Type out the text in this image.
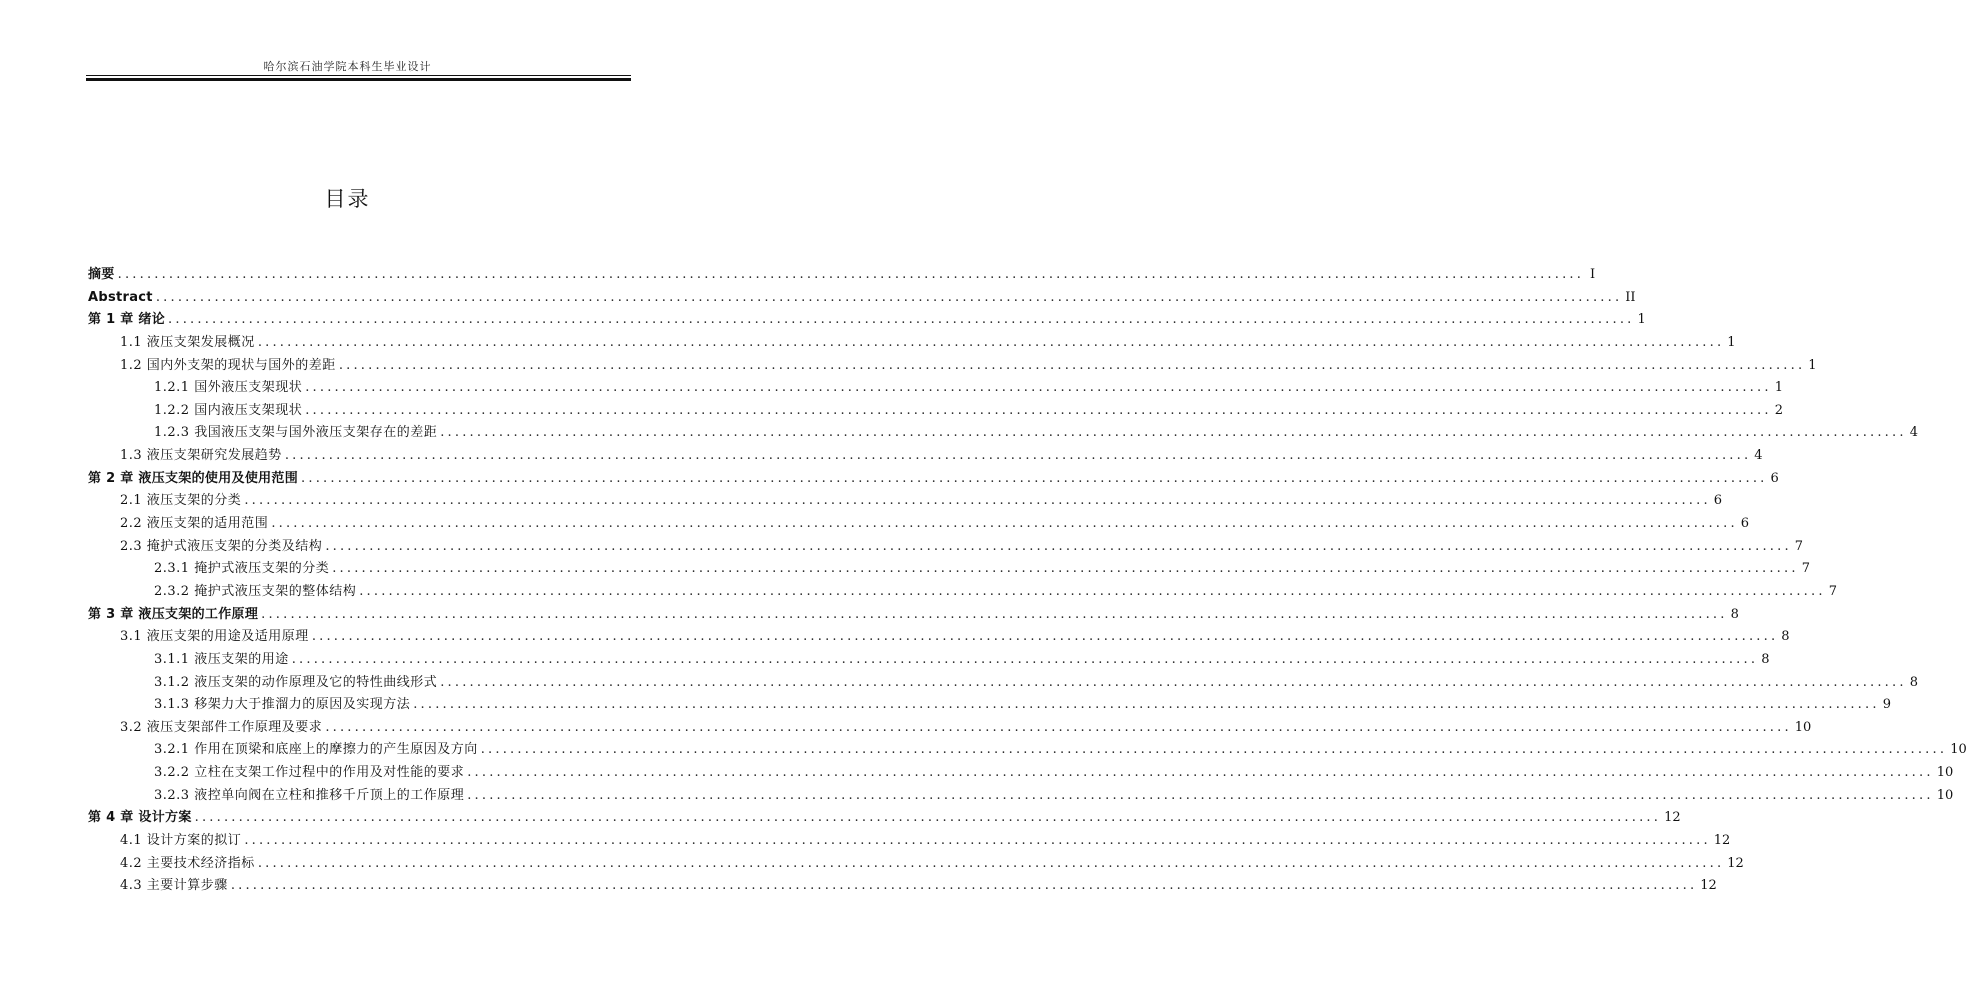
哈尔滨石油学院本科生毕业设计
目录
摘要 ........................................................................................................................................................................................................ I
Abstract ........................................................................................................................................................................................................ II
第 1 章 绪论 ........................................................................................................................................................................................................ 1
1.1 液压支架发展概况 ........................................................................................................................................................................................................ 1
1.2 国内外支架的现状与国外的差距 ........................................................................................................................................................................................................ 1
1.2.1 国外液压支架现状 ........................................................................................................................................................................................................ 1
1.2.2 国内液压支架现状 ........................................................................................................................................................................................................ 2
1.2.3 我国液压支架与国外液压支架存在的差距 ........................................................................................................................................................................................................ 4
1.3 液压支架研究发展趋势 ........................................................................................................................................................................................................ 4
第 2 章 液压支架的使用及使用范围 ........................................................................................................................................................................................................ 6
2.1 液压支架的分类 ........................................................................................................................................................................................................ 6
2.2 液压支架的适用范围 ........................................................................................................................................................................................................ 6
2.3 掩护式液压支架的分类及结构 ........................................................................................................................................................................................................ 7
2.3.1 掩护式液压支架的分类 ........................................................................................................................................................................................................ 7
2.3.2 掩护式液压支架的整体结构 ........................................................................................................................................................................................................ 7
第 3 章 液压支架的工作原理 ........................................................................................................................................................................................................ 8
3.1 液压支架的用途及适用原理 ........................................................................................................................................................................................................ 8
3.1.1 液压支架的用途 ........................................................................................................................................................................................................ 8
3.1.2 液压支架的动作原理及它的特性曲线形式 ........................................................................................................................................................................................................ 8
3.1.3 移架力大于推溜力的原因及实现方法 ........................................................................................................................................................................................................ 9
3.2 液压支架部件工作原理及要求 ........................................................................................................................................................................................................ 10
3.2.1 作用在顶梁和底座上的摩擦力的产生原因及方向 ........................................................................................................................................................................................................ 10
3.2.2 立柱在支架工作过程中的作用及对性能的要求 ........................................................................................................................................................................................................ 10
3.2.3 液控单向阀在立柱和推移千斤顶上的工作原理 ........................................................................................................................................................................................................ 10
第 4 章 设计方案 ........................................................................................................................................................................................................ 12
4.1 设计方案的拟订 ........................................................................................................................................................................................................ 12
4.2 主要技术经济指标 ........................................................................................................................................................................................................ 12
4.3 主要计算步骤 ........................................................................................................................................................................................................ 12
